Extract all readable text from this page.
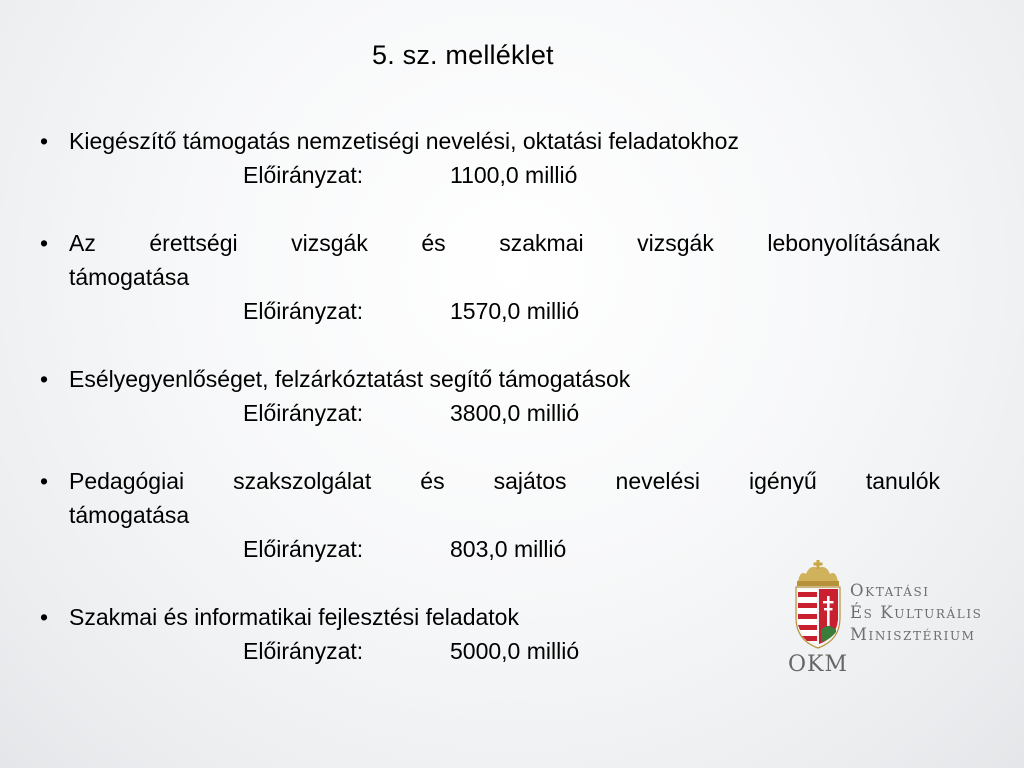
5. sz. melléklet
• Kiegészítő támogatás nemzetiségi nevelési, oktatási feladatokhoz
Előirányzat:	1100,0 millió
• Az érettségi vizsgák és szakmai vizsgák lebonyolításának
támogatása
Előirányzat:	1570,0 millió
• Esélyegyenlőséget, felzárkóztatást segítő támogatások
Előirányzat:	3800,0 millió
• Pedagógiai szakszolgálat és sajátos nevelési igényű tanulók
támogatása
Előirányzat:	803,0 millió
• Szakmai és informatikai fejlesztési feladatok
Előirányzat:	5000,0 millió
Oktatási
És Kulturális
Minisztérium
OKM
